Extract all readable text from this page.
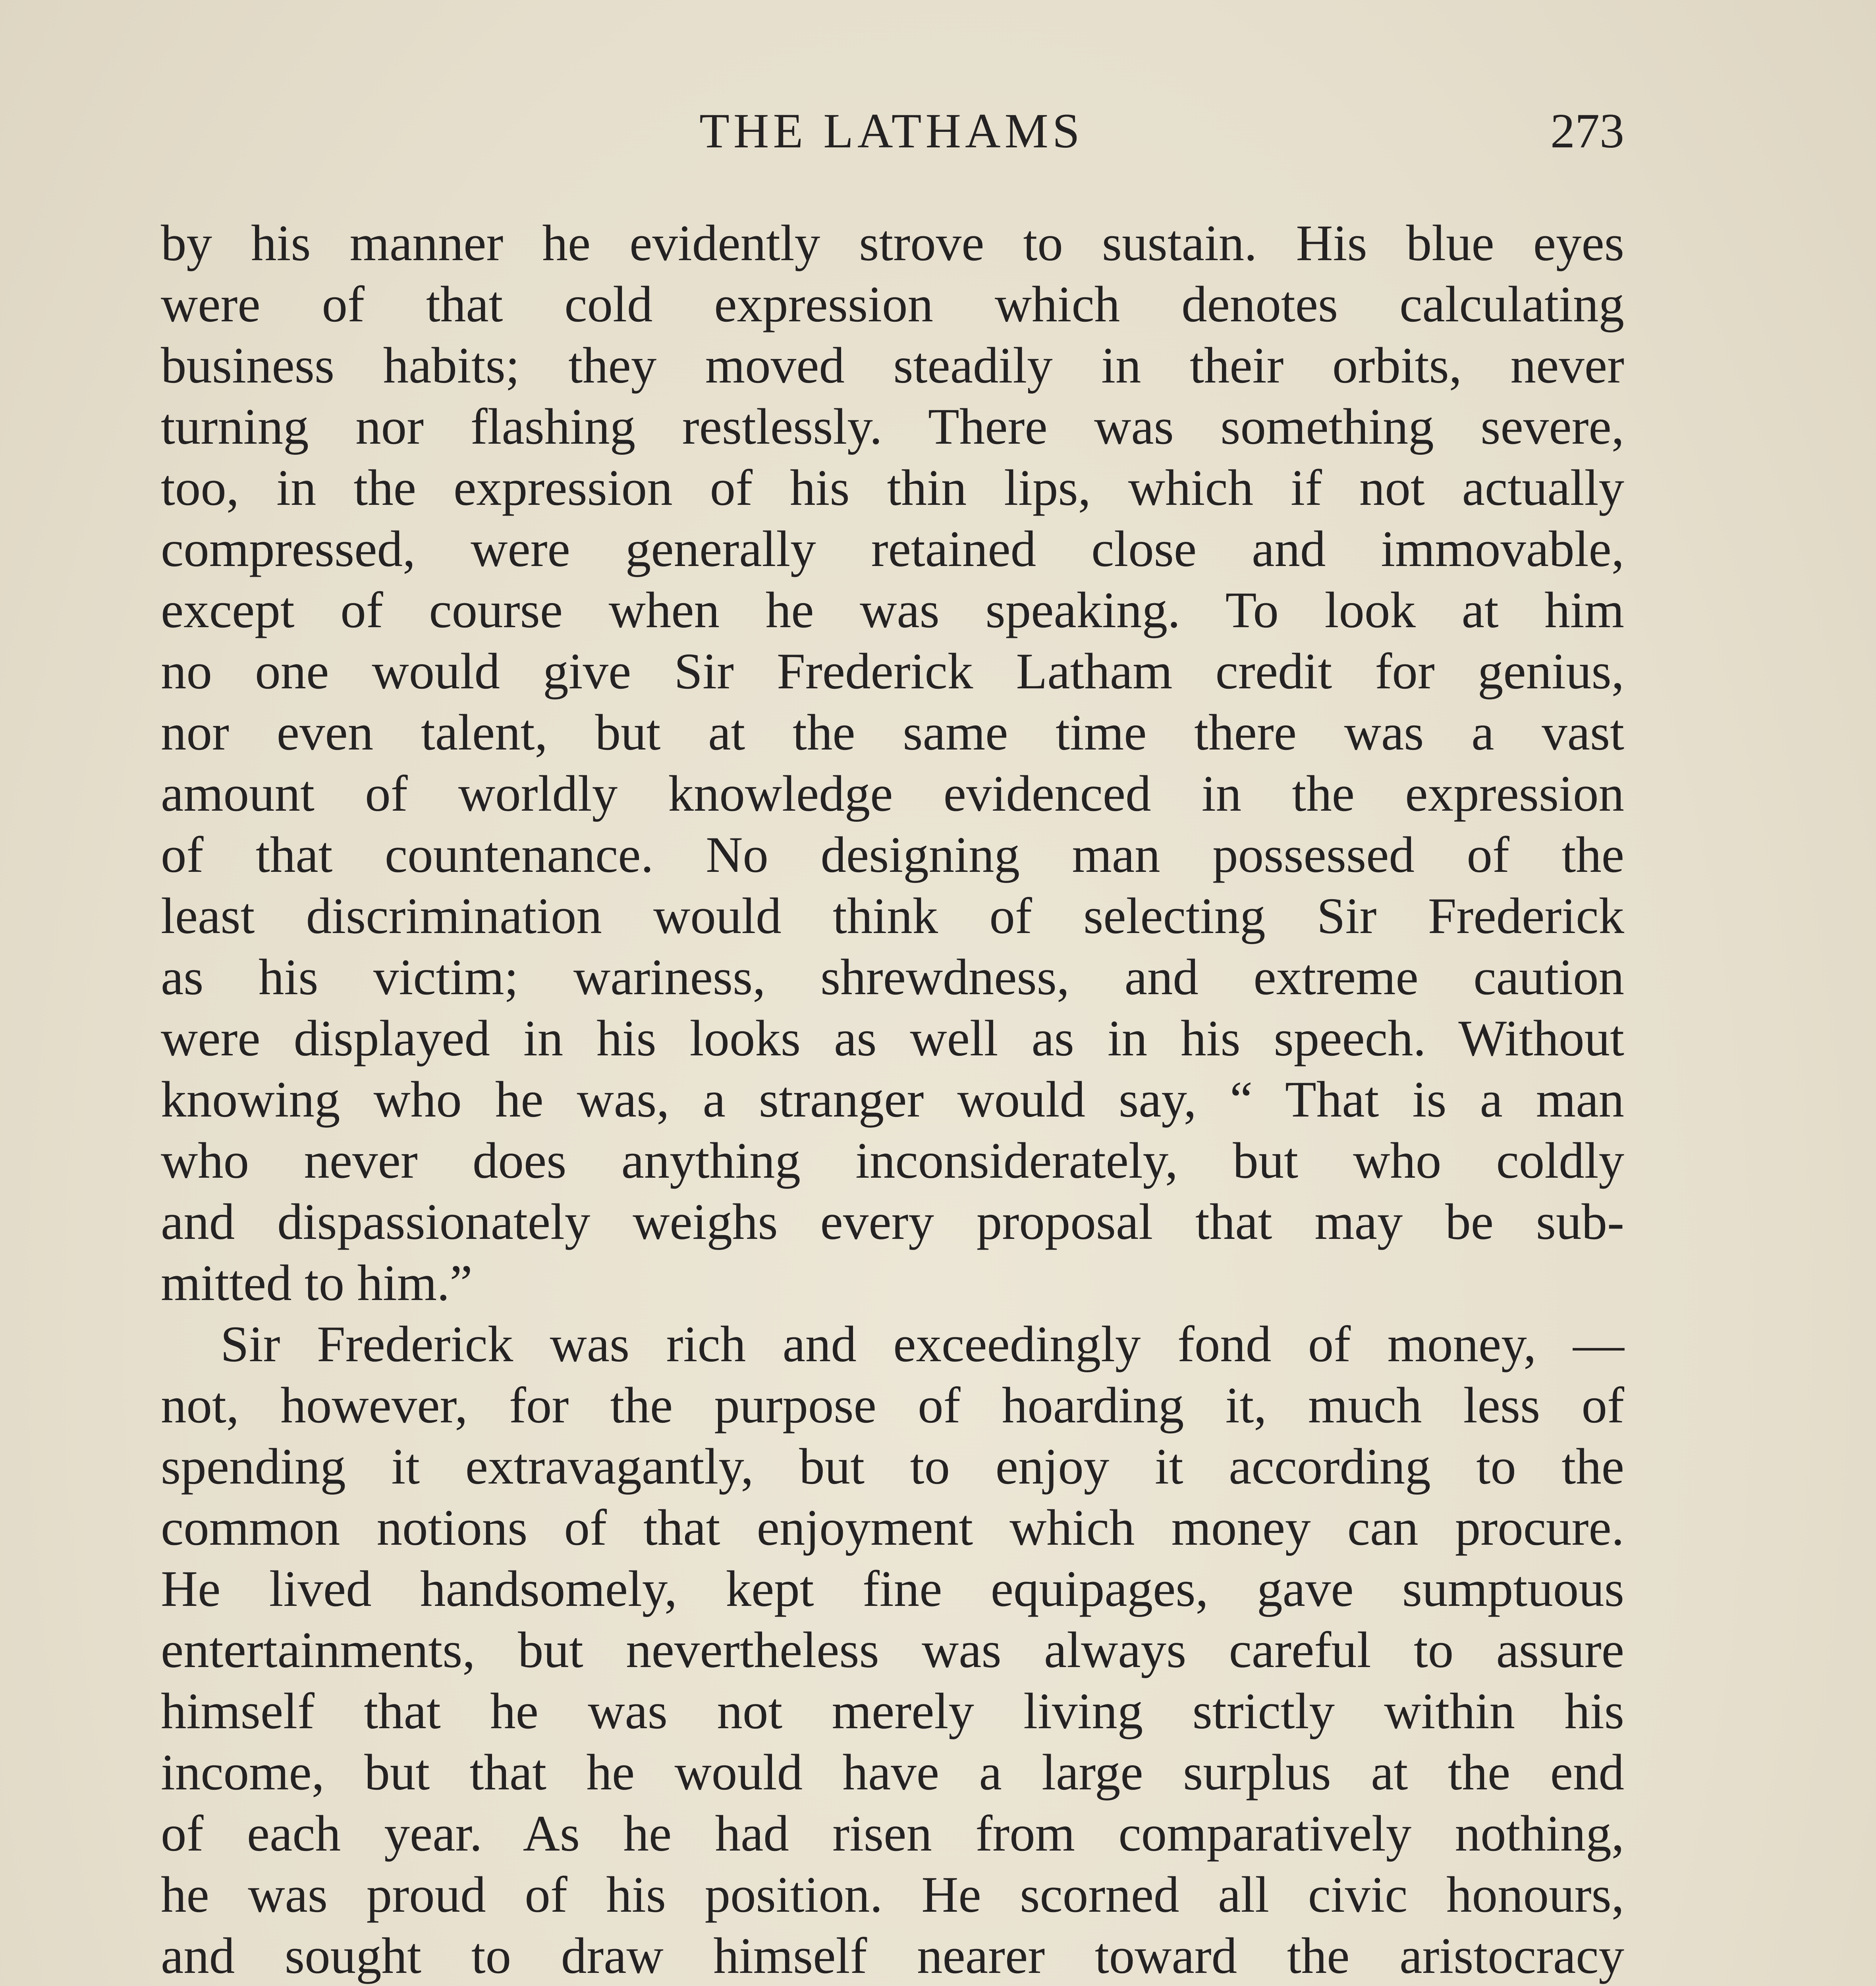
THE LATHAMS	273
by his manner he evidently strove to sustain. His blue eyes
were of that cold expression which denotes calculating
business habits; they moved steadily in their orbits, never
turning nor flashing restlessly. There was something severe,
too, in the expression of his thin lips, which if not actually
compressed, were generally retained close and immovable,
except of course when he was speaking. To look at him
no one would give Sir Frederick Latham credit for genius,
nor even talent, but at the same time there was a vast
amount of worldly knowledge evidenced in the expression
of that countenance. No designing man possessed of the
least discrimination would think of selecting Sir Frederick
as his victim; wariness, shrewdness, and extreme caution
were displayed in his looks as well as in his speech. Without
knowing who he was, a stranger would say, “ That is a man
who never does anything inconsiderately, but who coldly
and dispassionately weighs every proposal that may be sub-
mitted to him.”
Sir Frederick was rich and exceedingly fond of money, —
not, however, for the purpose of hoarding it, much less of
spending it extravagantly, but to enjoy it according to the
common notions of that enjoyment which money can procure.
He lived handsomely, kept fine equipages, gave sumptuous
entertainments, but nevertheless was always careful to assure
himself that he was not merely living strictly within his
income, but that he would have a large surplus at the end
of each year. As he had risen from comparatively nothing,
he was proud of his position. He scorned all civic honours,
and sought to draw himself nearer toward the aristocracy
